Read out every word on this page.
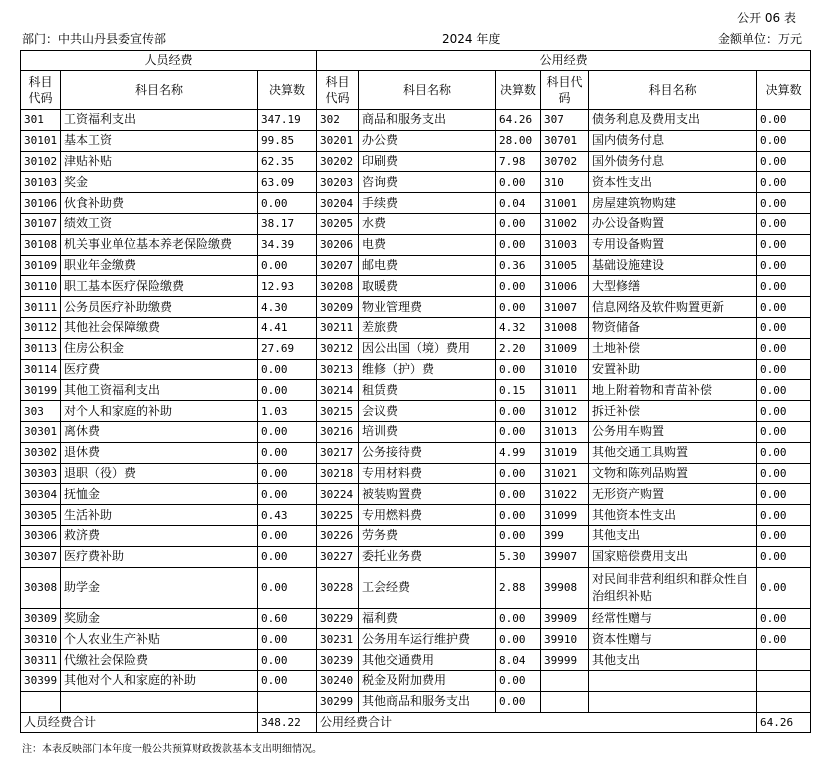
公开 06 表
部门：中共山丹县委宣传部	2024 年度	金额单位：万元
人员经费			公用经费					
科目代码	科目名称	决算数	科目代码	科目名称	决算数	科目代码	科目名称	决算数
301	工资福利支出	347.19	302	商品和服务支出	64.26	307	债务利息及费用支出	0.00
30101	基本工资	99.85	30201	办公费	28.00	30701	国内债务付息	0.00
30102	津贴补贴	62.35	30202	印刷费	7.98	30702	国外债务付息	0.00
30103	奖金	63.09	30203	咨询费	0.00	310	资本性支出	0.00
30106	伙食补助费	0.00	30204	手续费	0.04	31001	房屋建筑物购建	0.00
30107	绩效工资	38.17	30205	水费	0.00	31002	办公设备购置	0.00
30108	机关事业单位基本养老保险缴费	34.39	30206	电费	0.00	31003	专用设备购置	0.00
30109	职业年金缴费	0.00	30207	邮电费	0.36	31005	基础设施建设	0.00
30110	职工基本医疗保险缴费	12.93	30208	取暖费	0.00	31006	大型修缮	0.00
30111	公务员医疗补助缴费	4.30	30209	物业管理费	0.00	31007	信息网络及软件购置更新	0.00
30112	其他社会保障缴费	4.41	30211	差旅费	4.32	31008	物资储备	0.00
30113	住房公积金	27.69	30212	因公出国（境）费用	2.20	31009	土地补偿	0.00
30114	医疗费	0.00	30213	维修（护）费	0.00	31010	安置补助	0.00
30199	其他工资福利支出	0.00	30214	租赁费	0.15	31011	地上附着物和青苗补偿	0.00
303	对个人和家庭的补助	1.03	30215	会议费	0.00	31012	拆迁补偿	0.00
30301	离休费	0.00	30216	培训费	0.00	31013	公务用车购置	0.00
30302	退休费	0.00	30217	公务接待费	4.99	31019	其他交通工具购置	0.00
30303	退职（役）费	0.00	30218	专用材料费	0.00	31021	文物和陈列品购置	0.00
30304	抚恤金	0.00	30224	被装购置费	0.00	31022	无形资产购置	0.00
30305	生活补助	0.43	30225	专用燃料费	0.00	31099	其他资本性支出	0.00
30306	救济费	0.00	30226	劳务费	0.00	399	其他支出	0.00
30307	医疗费补助	0.00	30227	委托业务费	5.30	39907	国家赔偿费用支出	0.00
30308	助学金	0.00	30228	工会经费	2.88	39908	对民间非营利组织和群众性自治组织补贴	0.00
30309	奖励金	0.60	30229	福利费	0.00	39909	经常性赠与	0.00
30310	个人农业生产补贴	0.00	30231	公务用车运行维护费	0.00	39910	资本性赠与	0.00
30311	代缴社会保险费	0.00	30239	其他交通费用	8.04	39999	其他支出	
30399	其他对个人和家庭的补助	0.00	30240	税金及附加费用	0.00			
			30299	其他商品和服务支出	0.00			
人员经费合计		348.22	公用经费合计					64.26
注：本表反映部门本年度一般公共预算财政拨款基本支出明细情况。
